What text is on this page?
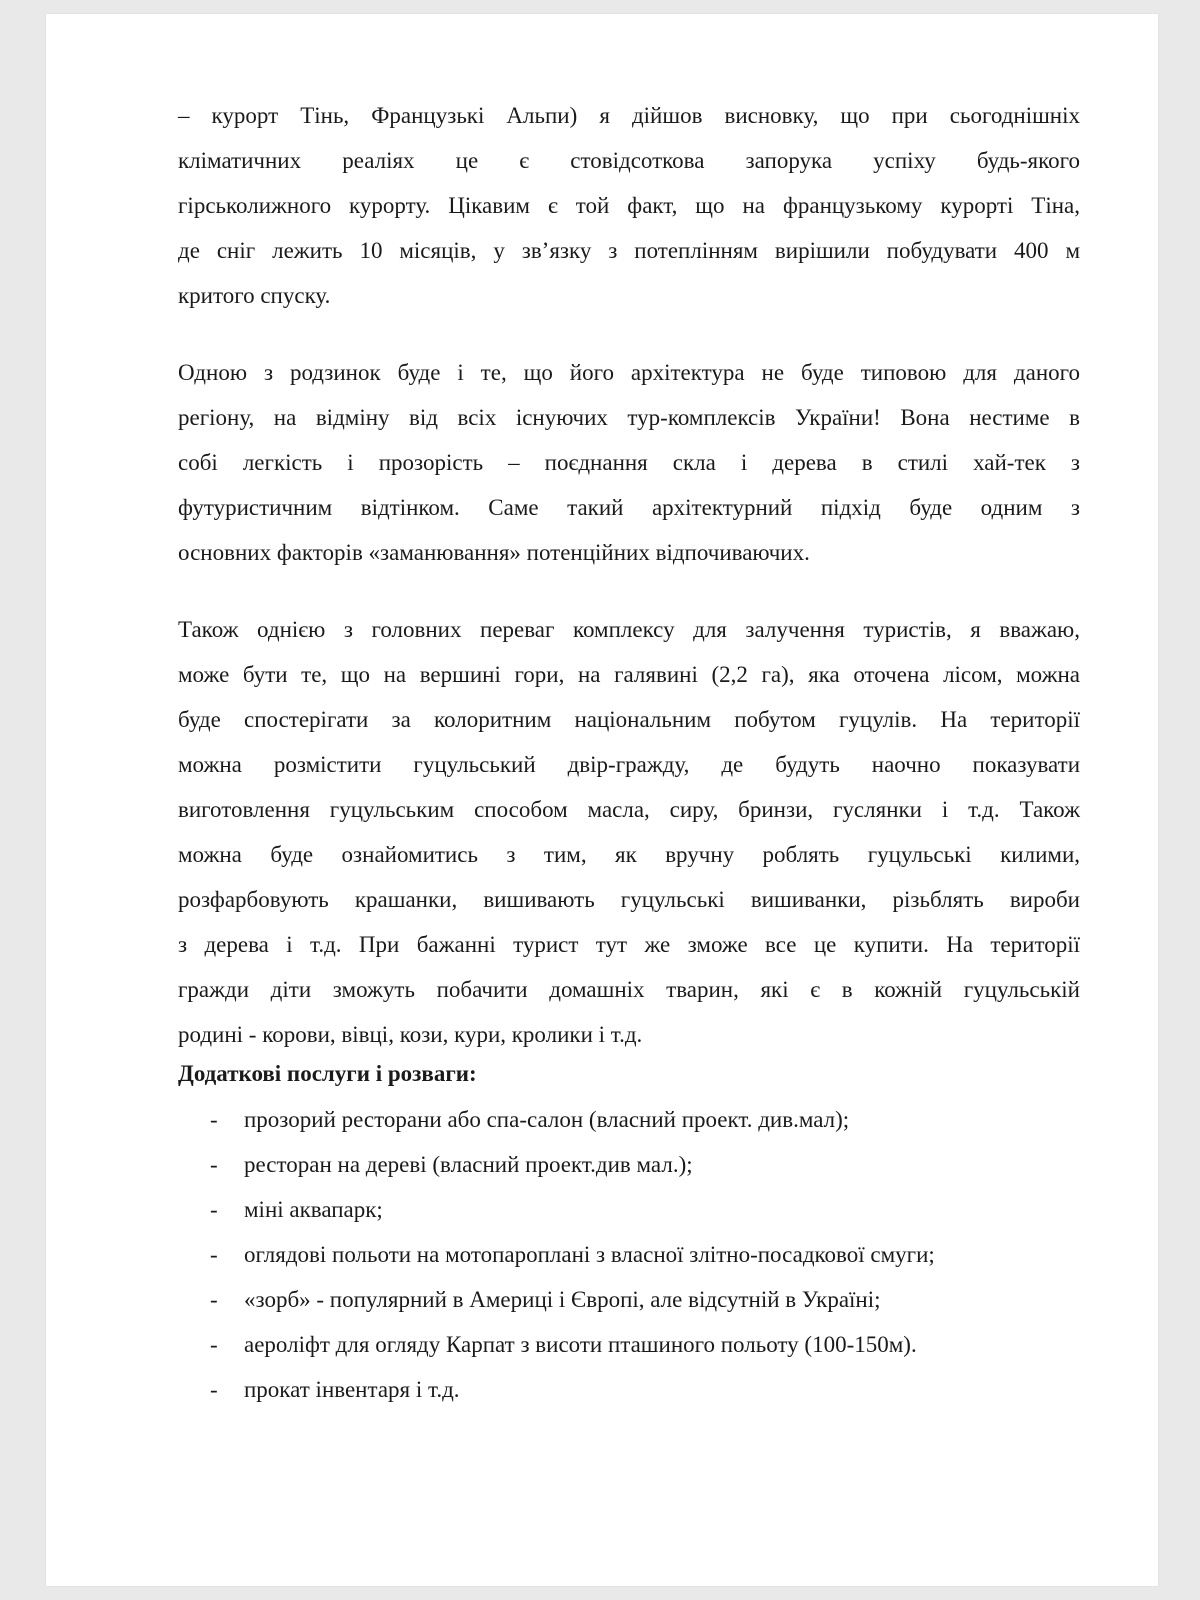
– курорт Тінь, Французькі Альпи) я дійшов висновку, що при сьогоднішніх

кліматичних реаліях це є стовідсоткова запорука успіху будь-якого

гірськолижного курорту. Цікавим є той факт, що на французькому курорті Тіна,

де сніг лежить 10 місяців, у зв’язку з потеплінням вирішили побудувати 400 м

критого спуску.

Одною з родзинок буде і те, що його архітектура не буде типовою для даного

регіону, на відміну від всіх існуючих тур-комплексів України! Вона нестиме в

собі легкість і прозорість – поєднання скла і дерева в стилі хай-тек з

футуристичним відтінком. Саме такий архітектурний підхід буде одним з

основних факторів «заманювання» потенційних відпочиваючих.

Також однією з головних переваг комплексу для залучення туристів, я вважаю,

може бути те, що на вершині гори, на галявині (2,2 га), яка оточена лісом, можна

буде спостерігати за колоритним національним побутом гуцулів. На території

можна розмістити гуцульський двір-гражду, де будуть наочно показувати

виготовлення гуцульським способом масла, сиру, бринзи, гуслянки і т.д. Також

можна буде ознайомитись з тим, як вручну роблять гуцульські килими,

розфарбовують крашанки, вишивають гуцульські вишиванки, різьблять вироби

з дерева і т.д. При бажанні турист тут же зможе все це купити. На території

гражди діти зможуть побачити домашніх тварин, які є в кожній гуцульській

родині - корови, вівці, кози, кури, кролики і т.д.

Додаткові послуги і розваги:
- прозорий ресторани або спа-салон (власний проект. див.мал);
- ресторан на дереві (власний проект.див мал.);
- міні аквапарк;
- оглядові польоти на мотопароплані з власної злітно-посадкової смуги;
- «зорб» - популярний в Америці і Європі, але відсутній в Україні;
- аероліфт для огляду Карпат з висоти пташиного польоту (100-150м).
- прокат інвентаря і т.д.
